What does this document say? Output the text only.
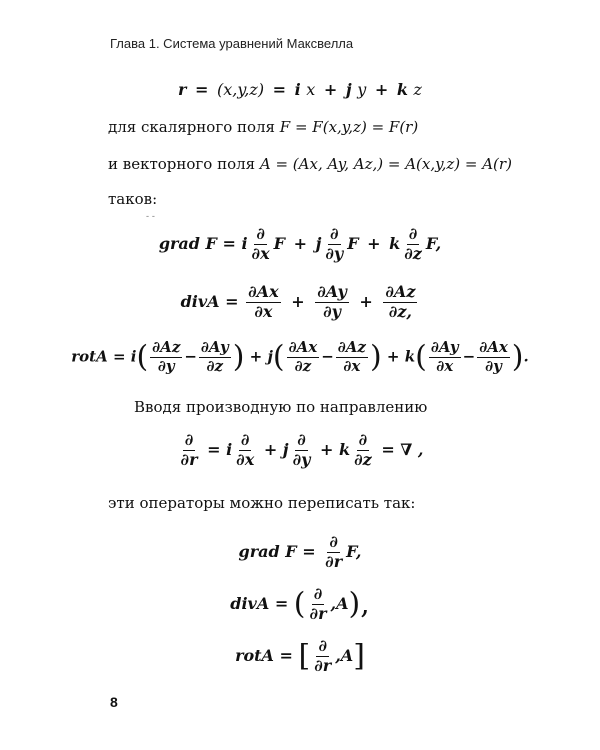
Глава 1. Система уравнений Максвелла
r = (x,y,z) = i x + j y + k z
для скалярного поля F = F(x,y,z) = F(r)
и векторного поля A = (Ax, Ay, Az,) = A(x,y,z) = A(r)
таков:
- -
grad F = i $\frac{\partial}{\partial x}$ F + j $\frac{\partial}{\partial y}$ F + k $\frac{\partial}{\partial z} F$,
divA = $\frac{\partial Ax}{\partial x} + \frac{\partial Ay}{\partial y} + \frac{\partial Az}{\partial z,}$
rotA = $i( \frac{\partial Az}{\partial y} - \frac{\partial Ay}{\partial z}$ ) + $j( \frac{\partial Ax}{\partial z} - \frac{\partial Az}{\partial x}$ ) + $k( \frac{\partial Ay}{\partial x} - \frac{\partial Ax}{\partial y}$ ).
Вводя производную по направлению
$\frac{\partial}{\partial r} = i \frac{\partial}{\partial x} + j \frac{\partial}{\partial y} + k \frac{\partial}{\partial z}$ = ∇ ,
эти операторы можно переписать так:
grad $F = \frac{\partial}{\partial r} F$,
divA = ( $\frac{\partial}{\partial r} ,A$),
rotA = [ $\frac{\partial}{\partial r} ,A$]
8
